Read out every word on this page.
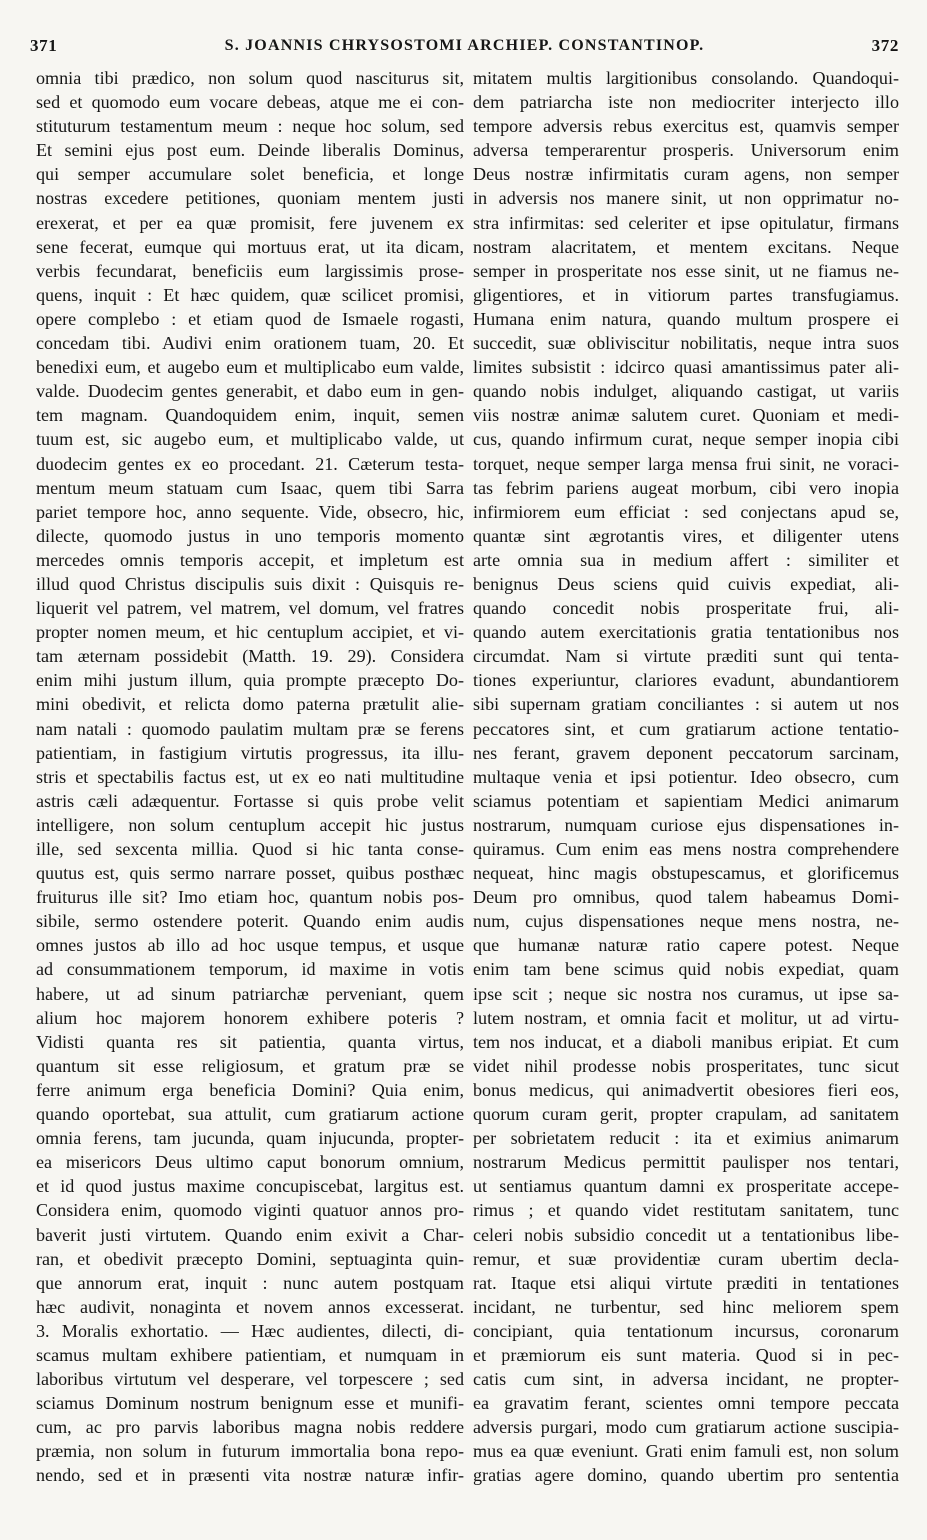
371	S. JOANNIS CHRYSOSTOMI ARCHIEP. CONSTANTINOP.	372
omnia tibi prædico, non solum quod nasciturus sit,
sed et quomodo eum vocare debeas, atque me ei con-
stituturum testamentum meum : neque hoc solum, sed
Et semini ejus post eum. Deinde liberalis Dominus,
qui semper accumulare solet beneficia, et longe
nostras excedere petitiones, quoniam mentem justi
erexerat, et per ea quæ promisit, fere juvenem ex
sene fecerat, eumque qui mortuus erat, ut ita dicam,
verbis fecundarat, beneficiis eum largissimis prose-
quens, inquit : Et hæc quidem, quæ scilicet promisi,
opere complebo : et etiam quod de Ismaele rogasti,
concedam tibi. Audivi enim orationem tuam, 20. Et
benedixi eum, et augebo eum et multiplicabo eum valde,
valde. Duodecim gentes generabit, et dabo eum in gen-
tem magnam. Quandoquidem enim, inquit, semen
tuum est, sic augebo eum, et multiplicabo valde, ut
duodecim gentes ex eo procedant. 21. Cæterum testa-
mentum meum statuam cum Isaac, quem tibi Sarra
pariet tempore hoc, anno sequente. Vide, obsecro, hic,
dilecte, quomodo justus in uno temporis momento
mercedes omnis temporis accepit, et impletum est
illud quod Christus discipulis suis dixit : Quisquis re-
liquerit vel patrem, vel matrem, vel domum, vel fratres
propter nomen meum, et hic centuplum accipiet, et vi-
tam æternam possidebit (Matth. 19. 29). Considera
enim mihi justum illum, quia prompte præcepto Do-
mini obedivit, et relicta domo paterna prætulit alie-
nam natali : quomodo paulatim multam præ se ferens
patientiam, in fastigium virtutis progressus, ita illu-
stris et spectabilis factus est, ut ex eo nati multitudine
astris cæli adæquentur. Fortasse si quis probe velit
intelligere, non solum centuplum accepit hic justus
ille, sed sexcenta millia. Quod si hic tanta conse-
quutus est, quis sermo narrare posset, quibus posthæc
fruiturus ille sit? Imo etiam hoc, quantum nobis pos-
sibile, sermo ostendere poterit. Quando enim audis
omnes justos ab illo ad hoc usque tempus, et usque
ad consummationem temporum, id maxime in votis
habere, ut ad sinum patriarchæ perveniant, quem
alium hoc majorem honorem exhibere poteris ?
Vidisti quanta res sit patientia, quanta virtus,
quantum sit esse religiosum, et gratum præ se
ferre animum erga beneficia Domini? Quia enim,
quando oportebat, sua attulit, cum gratiarum actione
omnia ferens, tam jucunda, quam injucunda, propter-
ea misericors Deus ultimo caput bonorum omnium,
et id quod justus maxime concupiscebat, largitus est.
Considera enim, quomodo viginti quatuor annos pro-
baverit justi virtutem. Quando enim exivit a Char-
ran, et obedivit præcepto Domini, septuaginta quin-
que annorum erat, inquit : nunc autem postquam
hæc audivit, nonaginta et novem annos excesserat.
3. Moralis exhortatio. — Hæc audientes, dilecti, di-
scamus multam exhibere patientiam, et numquam in
laboribus virtutum vel desperare, vel torpescere ; sed
sciamus Dominum nostrum benignum esse et munifi-
cum, ac pro parvis laboribus magna nobis reddere
præmia, non solum in futurum immortalia bona repo-
nendo, sed et in præsenti vita nostræ naturæ infir-
mitatem multis largitionibus consolando. Quandoqui-
dem patriarcha iste non mediocriter interjecto illo
tempore adversis rebus exercitus est, quamvis semper
adversa temperarentur prosperis. Universorum enim
Deus nostræ infirmitatis curam agens, non semper
in adversis nos manere sinit, ut non opprimatur no-
stra infirmitas: sed celeriter et ipse opitulatur, firmans
nostram alacritatem, et mentem excitans. Neque
semper in prosperitate nos esse sinit, ut ne fiamus ne-
gligentiores, et in vitiorum partes transfugiamus.
Humana enim natura, quando multum prospere ei
succedit, suæ obliviscitur nobilitatis, neque intra suos
limites subsistit : idcirco quasi amantissimus pater ali-
quando nobis indulget, aliquando castigat, ut variis
viis nostræ animæ salutem curet. Quoniam et medi-
cus, quando infirmum curat, neque semper inopia cibi
torquet, neque semper larga mensa frui sinit, ne voraci-
tas febrim pariens augeat morbum, cibi vero inopia
infirmiorem eum efficiat : sed conjectans apud se,
quantæ sint ægrotantis vires, et diligenter utens
arte omnia sua in medium affert : similiter et
benignus Deus sciens quid cuivis expediat, ali-
quando concedit nobis prosperitate frui, ali-
quando autem exercitationis gratia tentationibus nos
circumdat. Nam si virtute præditi sunt qui tenta-
tiones experiuntur, clariores evadunt, abundantiorem
sibi supernam gratiam conciliantes : si autem ut nos
peccatores sint, et cum gratiarum actione tentatio-
nes ferant, gravem deponent peccatorum sarcinam,
multaque venia et ipsi potientur. Ideo obsecro, cum
sciamus potentiam et sapientiam Medici animarum
nostrarum, numquam curiose ejus dispensationes in-
quiramus. Cum enim eas mens nostra comprehendere
nequeat, hinc magis obstupescamus, et glorificemus
Deum pro omnibus, quod talem habeamus Domi-
num, cujus dispensationes neque mens nostra, ne-
que humanæ naturæ ratio capere potest. Neque
enim tam bene scimus quid nobis expediat, quam
ipse scit ; neque sic nostra nos curamus, ut ipse sa-
lutem nostram, et omnia facit et molitur, ut ad virtu-
tem nos inducat, et a diaboli manibus eripiat. Et cum
videt nihil prodesse nobis prosperitates, tunc sicut
bonus medicus, qui animadvertit obesiores fieri eos,
quorum curam gerit, propter crapulam, ad sanitatem
per sobrietatem reducit : ita et eximius animarum
nostrarum Medicus permittit paulisper nos tentari,
ut sentiamus quantum damni ex prosperitate accepe-
rimus ; et quando videt restitutam sanitatem, tunc
celeri nobis subsidio concedit ut a tentationibus libe-
remur, et suæ providentiæ curam ubertim decla-
rat. Itaque etsi aliqui virtute præditi in tentationes
incidant, ne turbentur, sed hinc meliorem spem
concipiant, quia tentationum incursus, coronarum
et præmiorum eis sunt materia. Quod si in pec-
catis cum sint, in adversa incidant, ne propter-
ea gravatim ferant, scientes omni tempore peccata
adversis purgari, modo cum gratiarum actione suscipia-
mus ea quæ eveniunt. Grati enim famuli est, non solum
gratias agere domino, quando ubertim pro sententia
